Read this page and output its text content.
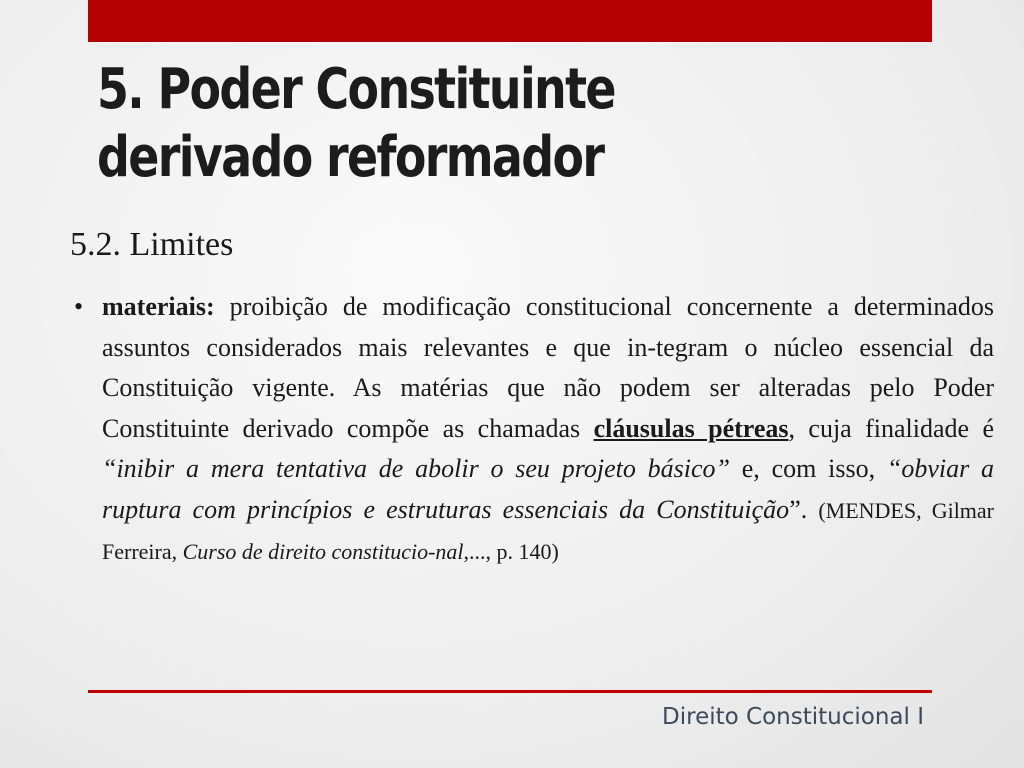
5. Poder Constituinte
derivado reformador
5.2. Limites
• materiais: proibição de modificação constitucional concernente a determinados assuntos considerados mais relevantes e que in-tegram o núcleo essencial da Constituição vigente. As matérias que não podem ser alteradas pelo Poder Constituinte derivado compõe as chamadas cláusulas pétreas, cuja finalidade é “inibir a mera tentativa de abolir o seu projeto básico” e, com isso, “obviar a ruptura com princípios e estruturas essenciais da Constituição”. (MENDES, Gilmar Ferreira, Curso de direito constitucio-nal,..., p. 140)
Direito Constitucional I
